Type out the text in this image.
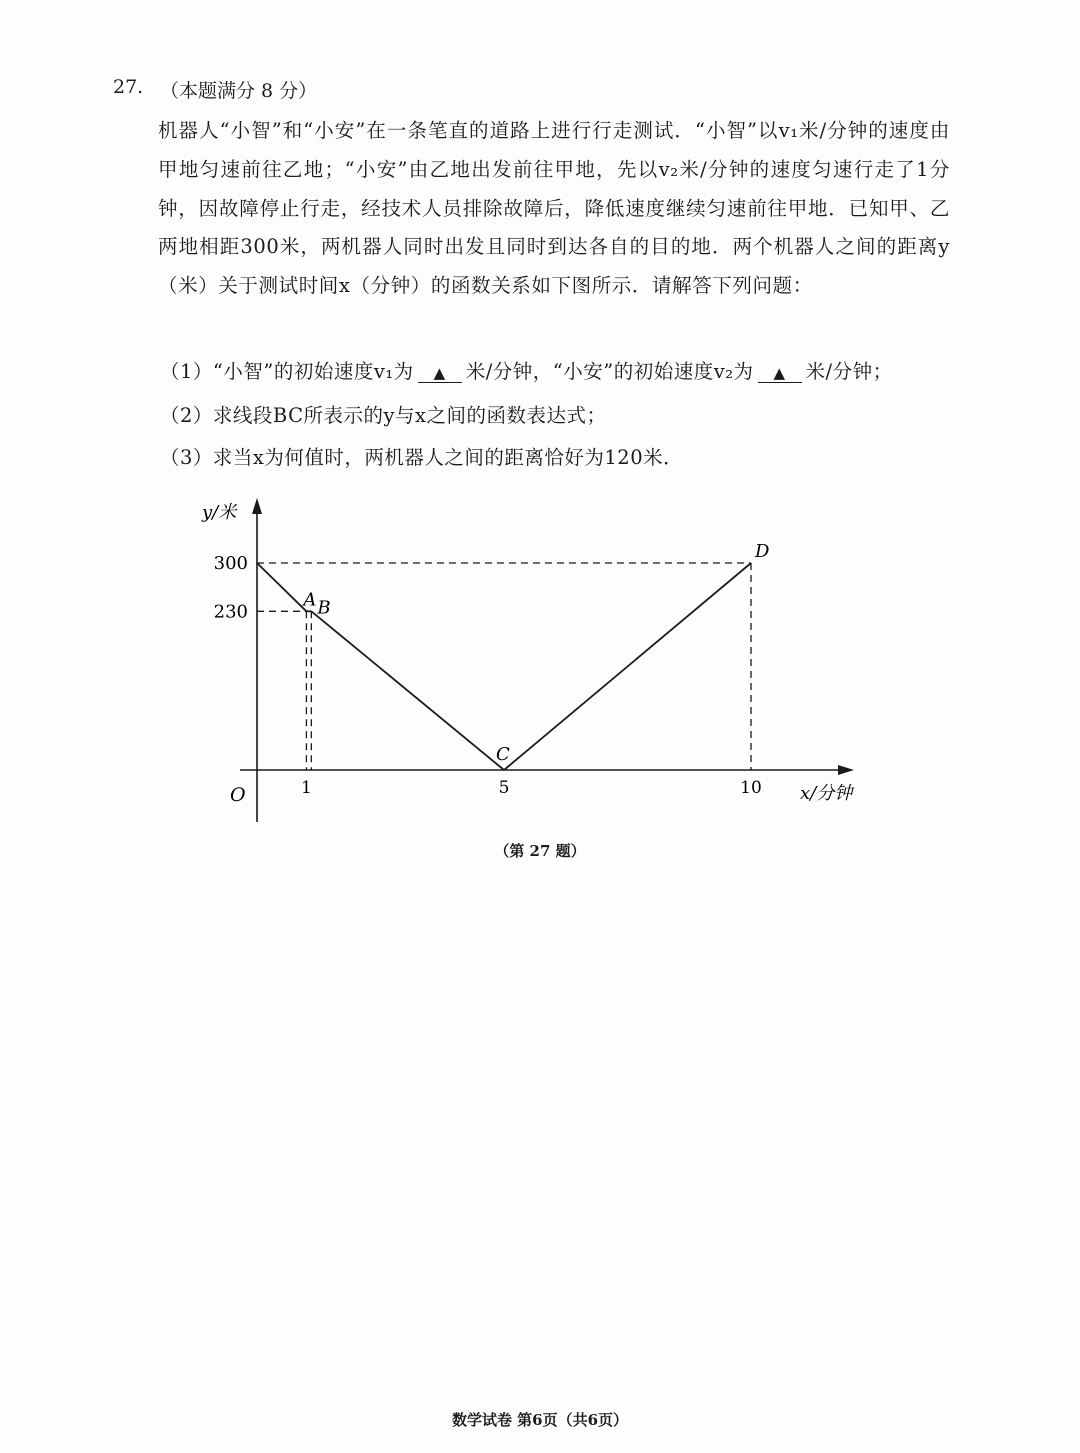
27. （本题满分 8 分）

机器人“小智”和“小安”在一条笔直的道路上进行行走测试．“小智”以v₁米/分钟的速度由甲地匀速前往乙地；“小安”由乙地出发前往甲地，先以v₂米/分钟的速度匀速行走了1分钟，因故障停止行走，经技术人员排除故障后，降低速度继续匀速前往甲地．已知甲、乙两地相距300米，两机器人同时出发且同时到达各自的目的地．两个机器人之间的距离y（米）关于测试时间x（分钟）的函数关系如下图所示．请解答下列问题：

（1）“小智”的初始速度v₁为 ▲ 米/分钟，“小安”的初始速度v₂为 ▲ 米/分钟；
（2）求线段BC所表示的y与x之间的函数表达式；
（3）求当x为何值时，两机器人之间的距离恰好为120米．
y/米
x/分钟
O
A B
C
D
1	5	10
300
230
（第 27 题）
数学试卷 第6页（共6页）
